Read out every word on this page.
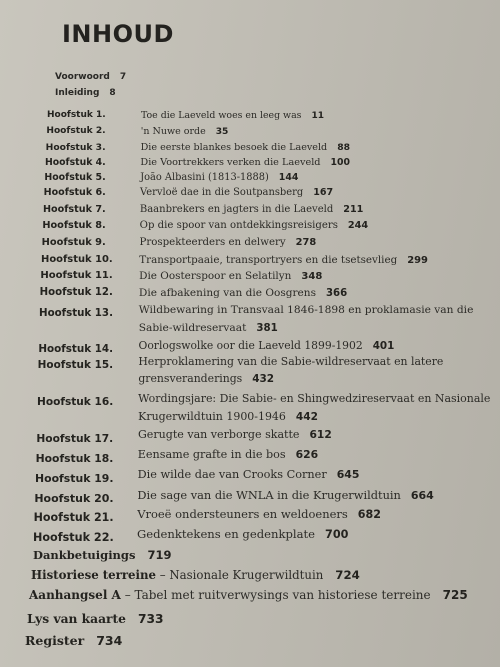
INHOUD
Voorwoord 7
Inleiding 8
Hoofstuk 1.	Toe die Laeveld woes en leeg was 11
Hoofstuk 2.	'n Nuwe orde 35
Hoofstuk 3.	Die eerste blankes besoek die Laeveld 88
Hoofstuk 4.	Die Voortrekkers verken die Laeveld 100
Hoofstuk 5.	João Albasini (1813-1888) 144
Hoofstuk 6.	Vervloë dae in die Soutpansberg 167
Hoofstuk 7.	Baanbrekers en jagters in die Laeveld 211
Hoofstuk 8.	Op die spoor van ontdekkingsreisigers 244
Hoofstuk 9.	Prospekteerders en delwery 278
Hoofstuk 10.	Transportpaaie, transportryers en die tsetsevlieg 299
Hoofstuk 11.	Die Oosterspoor en Selatilyn 348
Hoofstuk 12. Die afbakening van die Oosgrens 366
Hoofstuk 13. Wildbewaring in Transvaal 1846-1898 en proklamasie van die
Sabie-wildreservaat 381
Hoofstuk 14. Oorlogswolke oor die Laeveld 1899-1902 401
Hoofstuk 15. Herproklamering van die Sabie-wildreservaat en latere
grensveranderings 432
Hoofstuk 16. Wordingsjare: Die Sabie- en Shingwedzireservaat en Nasionale
Krugerwildtuin 1900-1946 442
Hoofstuk 17. Gerugte van verborge skatte 612
Hoofstuk 18. Eensame grafte in die bos 626
Hoofstuk 19. Die wilde dae van Crooks Corner 645
Hoofstuk 20. Die sage van die WNLA in die Krugerwildtuin 664
Hoofstuk 21. Vroeë ondersteuners en weldoeners 682
Hoofstuk 22. Gedenktekens en gedenkplate 700
Dankbetuigings 719
Historiese terreine – Nasionale Krugerwildtuin 724
Aanhangsel A – Tabel met ruitverwysings van historiese terreine 725
Lys van kaarte 733
Register 734
